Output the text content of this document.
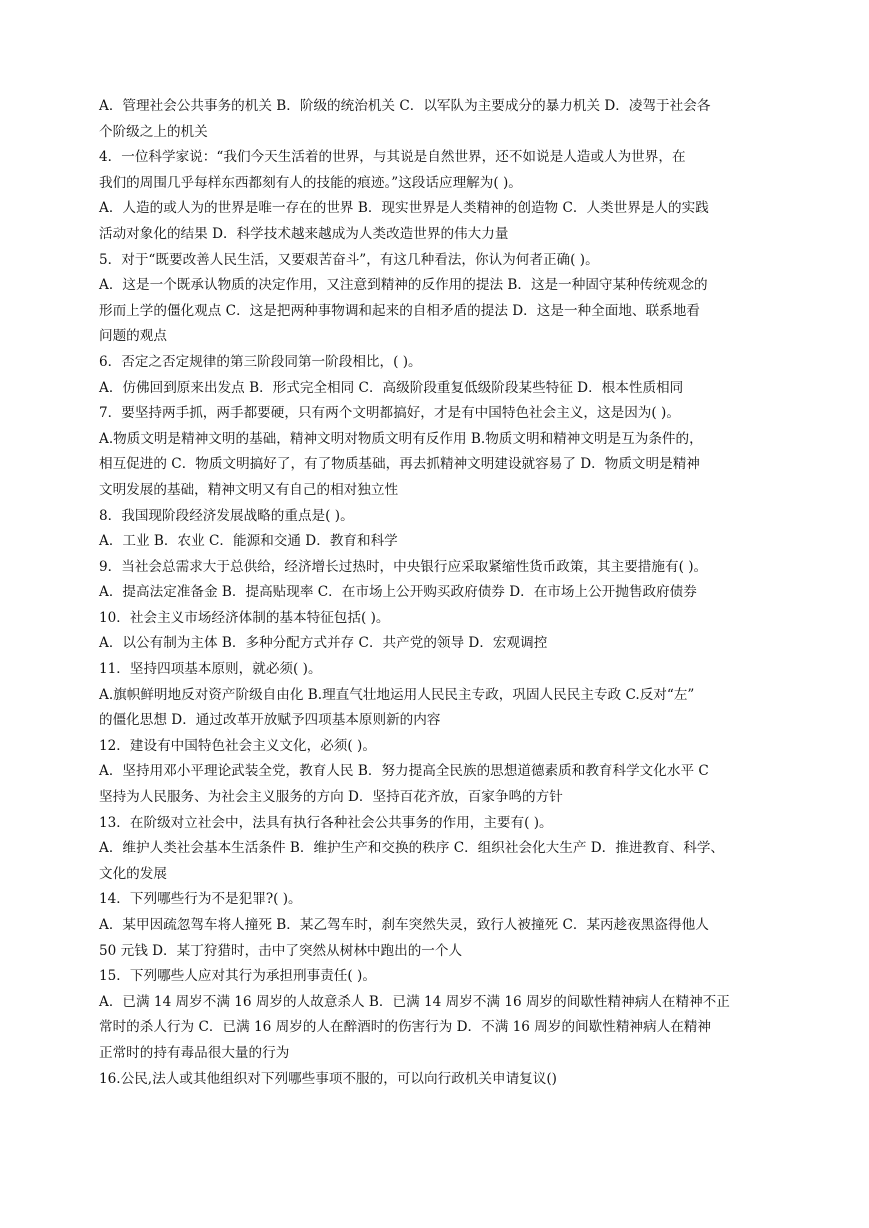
A．管理社会公共事务的机关 B．阶级的统治机关 C．以军队为主要成分的暴力机关 D．凌驾于社会各
个阶级之上的机关
4．一位科学家说：“我们今天生活着的世界，与其说是自然世界，还不如说是人造或人为世界，在
我们的周围几乎每样东西都刻有人的技能的痕迹。”这段话应理解为( )。
A．人造的或人为的世界是唯一存在的世界 B．现实世界是人类精神的创造物 C．人类世界是人的实践
活动对象化的结果 D．科学技术越来越成为人类改造世界的伟大力量
5．对于“既要改善人民生活，又要艰苦奋斗”，有这几种看法，你认为何者正确( )。
A．这是一个既承认物质的决定作用，又注意到精神的反作用的提法 B．这是一种固守某种传统观念的
形而上学的僵化观点 C．这是把两种事物调和起来的自相矛盾的提法 D．这是一种全面地、联系地看
问题的观点
6．否定之否定规律的第三阶段同第一阶段相比，( )。
A．仿佛回到原来出发点 B．形式完全相同 C．高级阶段重复低级阶段某些特征 D．根本性质相同
7．要坚持两手抓，两手都要硬，只有两个文明都搞好，才是有中国特色社会主义，这是因为( )。
A.物质文明是精神文明的基础，精神文明对物质文明有反作用 B.物质文明和精神文明是互为条件的，
相互促进的 C．物质文明搞好了，有了物质基础，再去抓精神文明建设就容易了 D．物质文明是精神
文明发展的基础，精神文明又有自己的相对独立性
8．我国现阶段经济发展战略的重点是( )。
A．工业 B．农业 C．能源和交通 D．教育和科学
9．当社会总需求大于总供给，经济增长过热时，中央银行应采取紧缩性货币政策，其主要措施有( )。
A．提高法定准备金 B．提高贴现率 C．在市场上公开购买政府债券 D．在市场上公开抛售政府债券
10．社会主义市场经济体制的基本特征包括( )。
A．以公有制为主体 B．多种分配方式并存 C．共产党的领导 D．宏观调控
11．坚持四项基本原则，就必须( )。
A.旗帜鲜明地反对资产阶级自由化 B.理直气壮地运用人民民主专政，巩固人民民主专政 C.反对“左”
的僵化思想 D．通过改革开放赋予四项基本原则新的内容
12．建设有中国特色社会主义文化，必须( )。
A．坚持用邓小平理论武装全党，教育人民 B．努力提高全民族的思想道德素质和教育科学文化水平 C
坚持为人民服务、为社会主义服务的方向 D．坚持百花齐放，百家争鸣的方针
13．在阶级对立社会中，法具有执行各种社会公共事务的作用，主要有( )。
A．维护人类社会基本生活条件 B．维护生产和交换的秩序 C．组织社会化大生产 D．推进教育、科学、
文化的发展
14．下列哪些行为不是犯罪?( )。
A．某甲因疏忽驾车将人撞死 B．某乙驾车时，刹车突然失灵，致行人被撞死 C．某丙趁夜黑盗得他人
50 元钱 D．某丁狩猎时，击中了突然从树林中跑出的一个人
15．下列哪些人应对其行为承担刑事责任( )。
A．已满 14 周岁不满 16 周岁的人故意杀人 B．已满 14 周岁不满 16 周岁的间歇性精神病人在精神不正
常时的杀人行为 C．已满 16 周岁的人在醉酒时的伤害行为 D．不满 16 周岁的间歇性精神病人在精神
正常时的持有毒品很大量的行为
16.公民,法人或其他组织对下列哪些事项不服的，可以向行政机关申请复议()
